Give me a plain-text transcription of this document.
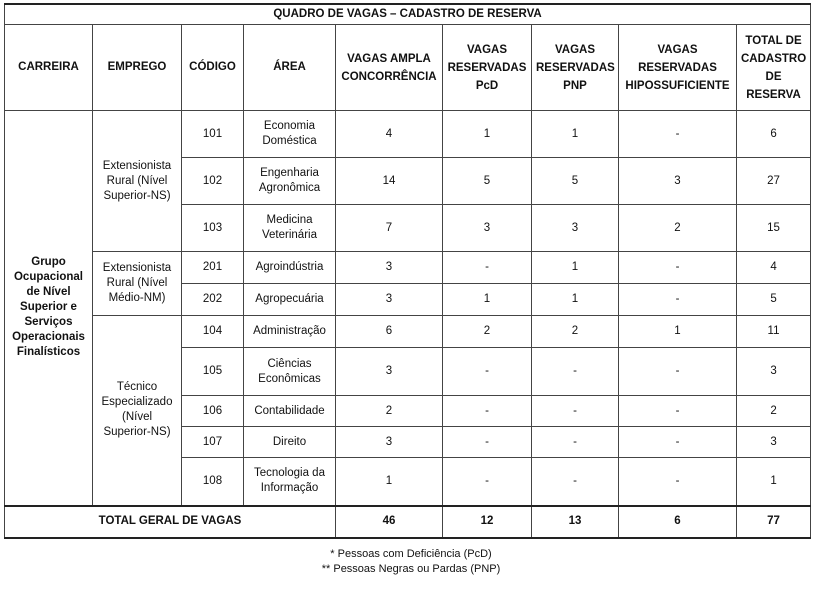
QUADRO DE VAGAS – CADASTRO DE RESERVA								
CARREIRA	EMPREGO	CÓDIGO	ÁREA	VAGAS AMPLA CONCORRÊNCIA	VAGAS RESERVADAS PcD	VAGAS RESERVADAS PNP	VAGAS RESERVADAS HIPOSSUFICIENTE	TOTAL DE CADASTRO DE RESERVA
Grupo Ocupacional de Nível Superior e Serviços Operacionais Finalísticos	Extensionista Rural (Nível Superior-NS)	101	Economia Doméstica	4	1	1	-	6
		102	Engenharia Agronômica	14	5	5	3	27
		103	Medicina Veterinária	7	3	3	2	15
	Extensionista Rural (Nível Médio-NM)	201	Agroindústria	3	-	1	-	4
		202	Agropecuária	3	1	1	-	5
	Técnico Especializado (Nível Superior-NS)	104	Administração	6	2	2	1	11
		105	Ciências Econômicas	3	-	-	-	3
		106	Contabilidade	2	-	-	-	2
		107	Direito	3	-	-	-	3
		108	Tecnologia da Informação	1	-	-	-	1
TOTAL GERAL DE VAGAS				46	12	13	6	77
* Pessoas com Deficiência (PcD)
** Pessoas Negras ou Pardas (PNP)
